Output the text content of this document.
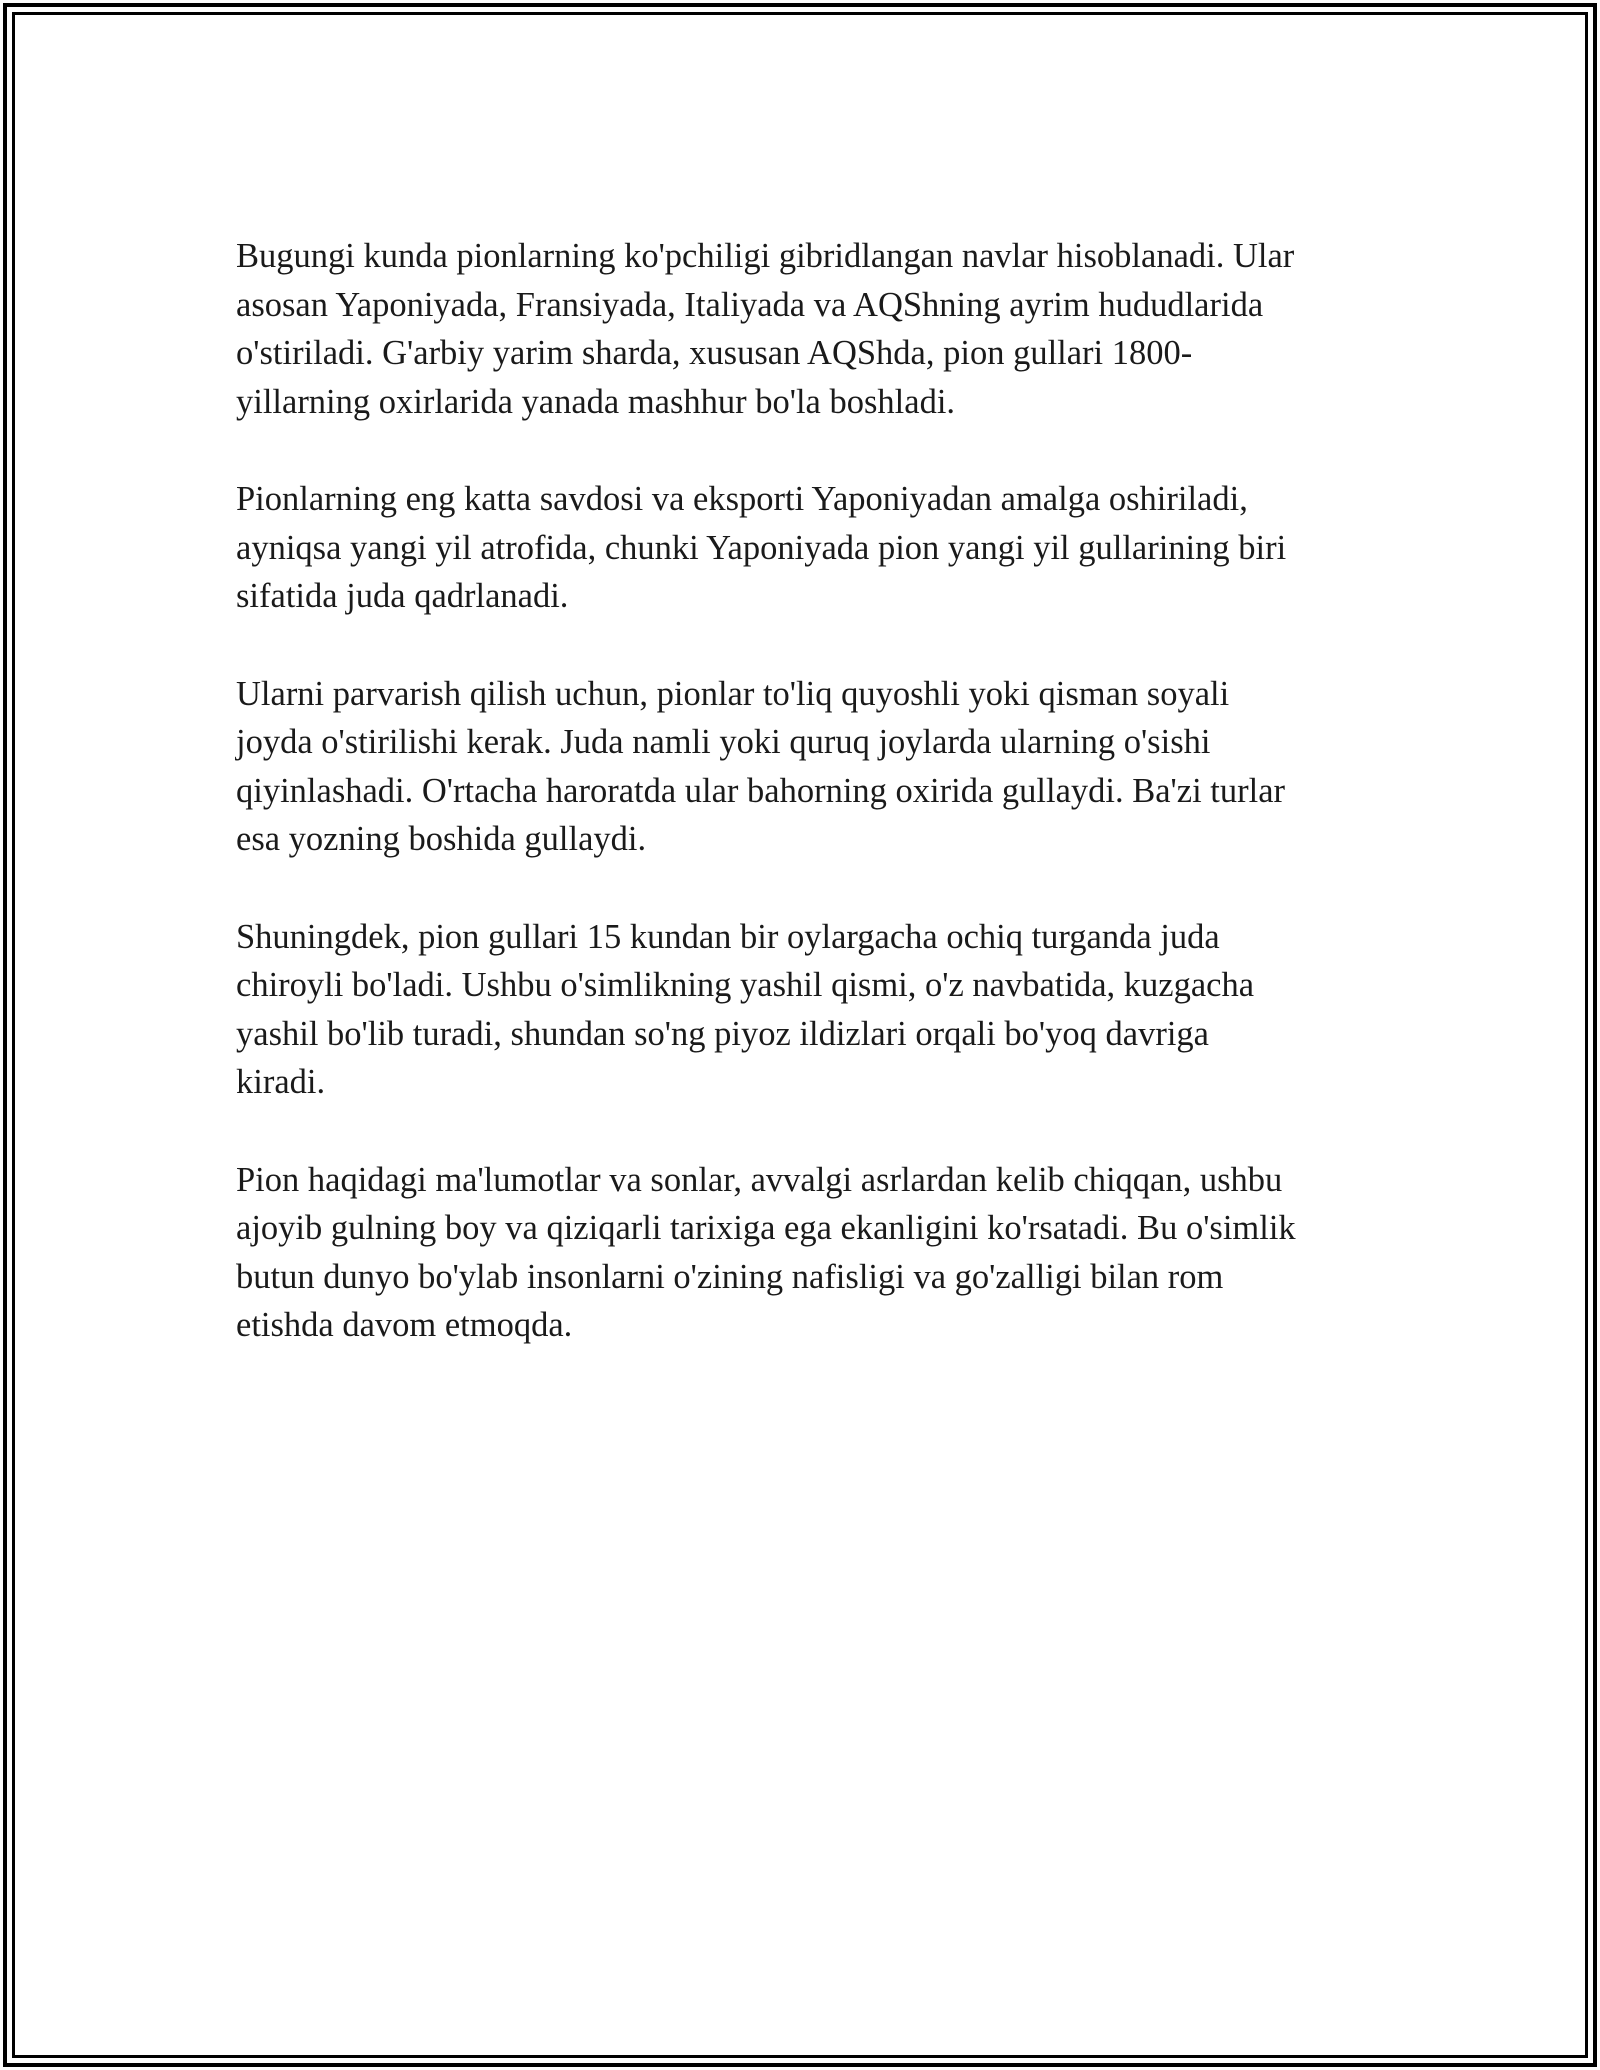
Bugungi kunda pionlarning ko'pchiligi gibridlangan navlar hisoblanadi. Ular
asosan Yaponiyada, Fransiyada, Italiyada va AQShning ayrim hududlarida
o'stiriladi. G'arbiy yarim sharda, xususan AQShda, pion gullari 1800-
yillarning oxirlarida yanada mashhur bo'la boshladi.

Pionlarning eng katta savdosi va eksporti Yaponiyadan amalga oshiriladi,
ayniqsa yangi yil atrofida, chunki Yaponiyada pion yangi yil gullarining biri
sifatida juda qadrlanadi.

Ularni parvarish qilish uchun, pionlar to'liq quyoshli yoki qisman soyali
joyda o'stirilishi kerak. Juda namli yoki quruq joylarda ularning o'sishi
qiyinlashadi. O'rtacha haroratda ular bahorning oxirida gullaydi. Ba'zi turlar
esa yozning boshida gullaydi.

Shuningdek, pion gullari 15 kundan bir oylargacha ochiq turganda juda
chiroyli bo'ladi. Ushbu o'simlikning yashil qismi, o'z navbatida, kuzgacha
yashil bo'lib turadi, shundan so'ng piyoz ildizlari orqali bo'yoq davriga
kiradi.

Pion haqidagi ma'lumotlar va sonlar, avvalgi asrlardan kelib chiqqan, ushbu
ajoyib gulning boy va qiziqarli tarixiga ega ekanligini ko'rsatadi. Bu o'simlik
butun dunyo bo'ylab insonlarni o'zining nafisligi va go'zalligi bilan rom
etishda davom etmoqda.
